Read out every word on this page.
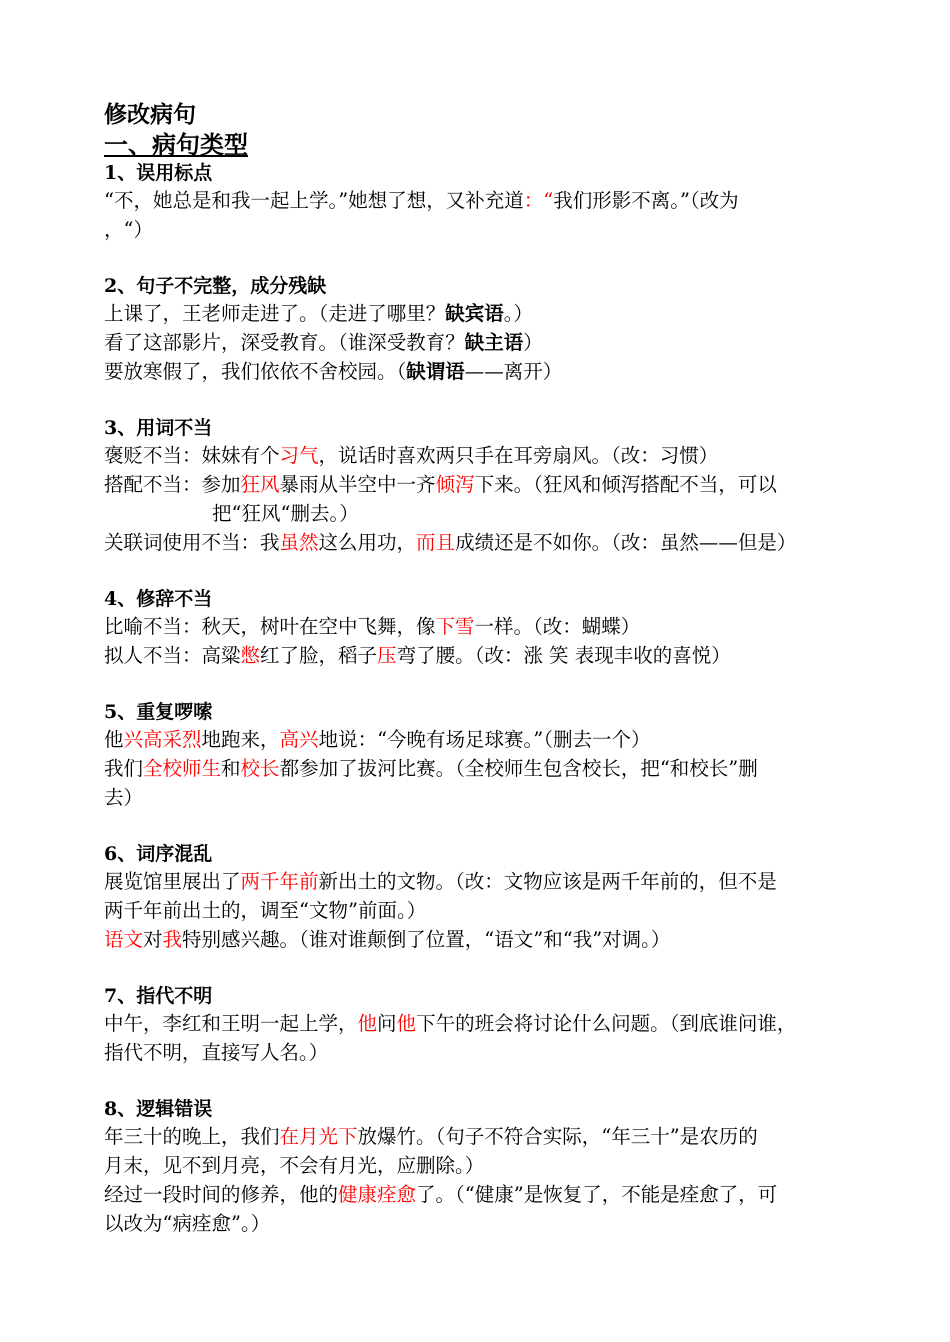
修改病句

一、病句类型

1、误用标点

“不，她总是和我一起上学。”她想了想，又补充道：“我们形影不离。”（改为

，“）

2、句子不完整，成分残缺

上课了，王老师走进了。（走进了哪里？缺宾语。）

看了这部影片，深受教育。（谁深受教育？缺主语）

要放寒假了，我们依依不舍校园。（缺谓语——离开）

3、用词不当

褒贬不当：妹妹有个习气，说话时喜欢两只手在耳旁扇风。（改：习惯）

搭配不当：参加狂风暴雨从半空中一齐倾泻下来。（狂风和倾泻搭配不当，可以

把“狂风“删去。）

关联词使用不当：我虽然这么用功，而且成绩还是不如你。（改：虽然——但是）

4、修辞不当

比喻不当：秋天，树叶在空中飞舞，像下雪一样。（改：蝴蝶）

拟人不当：高粱憋红了脸，稻子压弯了腰。（改：涨 笑 表现丰收的喜悦）

5、重复啰嗦

他兴高采烈地跑来，高兴地说：“今晚有场足球赛。”（删去一个）

我们全校师生和校长都参加了拔河比赛。（全校师生包含校长，把“和校长”删

去）

6、词序混乱

展览馆里展出了两千年前新出土的文物。（改：文物应该是两千年前的，但不是

两千年前出土的，调至“文物”前面。）

语文对我特别感兴趣。（谁对谁颠倒了位置，“语文”和“我”对调。）

7、指代不明

中午，李红和王明一起上学，他问他下午的班会将讨论什么问题。（到底谁问谁，

指代不明，直接写人名。）

8、逻辑错误

年三十的晚上，我们在月光下放爆竹。（句子不符合实际，“年三十”是农历的

月末，见不到月亮，不会有月光，应删除。）

经过一段时间的修养，他的健康痊愈了。（“健康”是恢复了，不能是痊愈了，可

以改为“病痊愈”。）
